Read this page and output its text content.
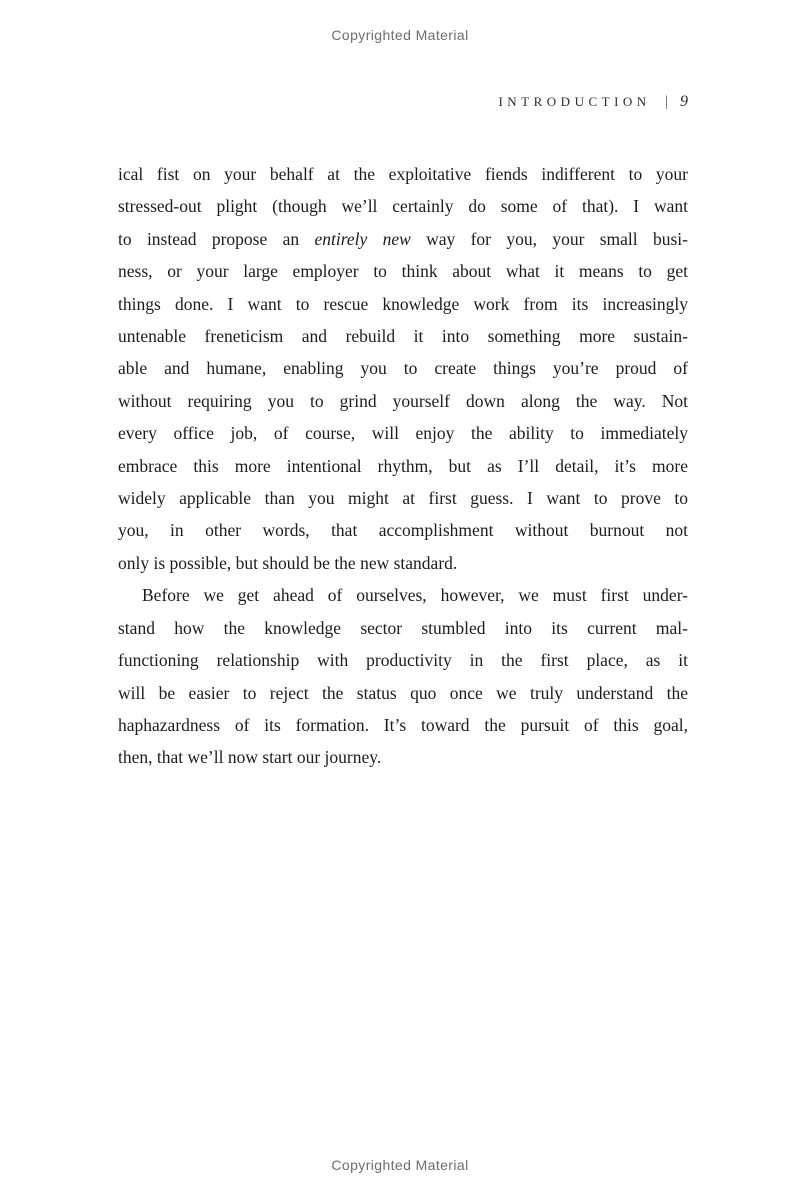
Copyrighted Material
INTRODUCTION | 9
ical fist on your behalf at the exploitative fiends indifferent to your
stressed-out plight (though we’ll certainly do some of that). I want
to instead propose an entirely new way for you, your small busi-
ness, or your large employer to think about what it means to get
things done. I want to rescue knowledge work from its increasingly
untenable freneticism and rebuild it into something more sustain-
able and humane, enabling you to create things you’re proud of
without requiring you to grind yourself down along the way. Not
every office job, of course, will enjoy the ability to immediately
embrace this more intentional rhythm, but as I’ll detail, it’s more
widely applicable than you might at first guess. I want to prove to
you, in other words, that accomplishment without burnout not
only is possible, but should be the new standard.
Before we get ahead of ourselves, however, we must first under-
stand how the knowledge sector stumbled into its current mal-
functioning relationship with productivity in the first place, as it
will be easier to reject the status quo once we truly understand the
haphazardness of its formation. It’s toward the pursuit of this goal,
then, that we’ll now start our journey.
Copyrighted Material
